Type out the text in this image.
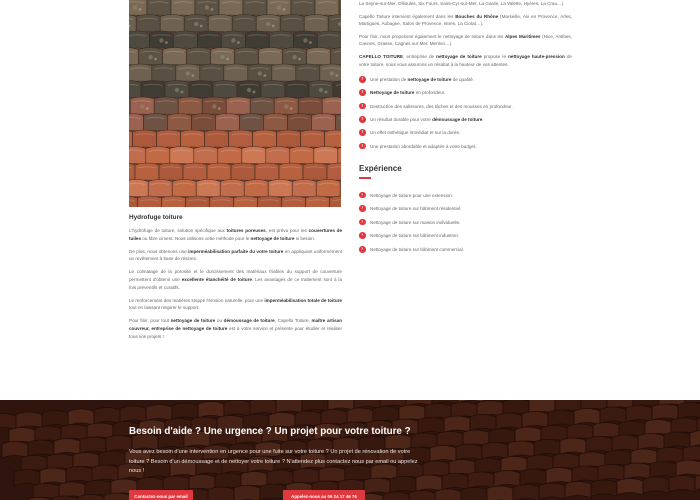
Hydrofuge toiture

L'hydrofuge de toiture, solution spécifique aux toitures poreuses, est prévu pour les couvertures de tuiles ou fibre ciment. Nous utilisons cette méthode pour le nettoyage de toiture si besoin.

De plus, nous obtenons une imperméabilisation parfaite du votre toiture en appliquant uniformément un revêtement à base de résines.

Le colmatage de la porosité et le durcissement des matériaux friables du support de couverture permettent d'obtenir une excellente étanchéité de toiture. Les avantages de ce traitement sont à la fois préventifs et curatifs.

Le renforcement des matières stoppe l'érosion naturelle, pour une imperméabilisation totale de toiture tout en laissant respirer le support.

Pour finir, pour tout nettoyage de toiture ou démoussage de toiture, Capello Toiture, maître artisan couvreur, entreprise de nettoyage de toiture est à votre service et présente pour étudier et réaliser tous vos projets !

La Seyne-sur-Mer, Ollioules, Six Fours, Saint-Cyr-sur-Mer, La Garde, La Valette, Hyères, La Crau…).

Capello Toiture intervient également dans les Bouches du Rhône (Marseille, Aix en Provence, Arles, Martigues, Aubagne, Salon de Provence, Istres, La Ciotat…).

Pour finir, nous proposons également le nettoyage de toiture dans les Alpes Maritimes (Nice, Antibes, Cannes, Grasse, Cagnes sur Mer, Menton…).

CAPELLO TOITURE, entreprise de nettoyage de toiture propose le nettoyage haute-pression de votre toiture, nous vous assurons un résultat à la hauteur de vos attentes.

!	Une prestation de nettoyage de toiture de qualité.
!	Nettoyage de toiture en profondeur.
!	Destruction des salissures, des tâches et des mousses en profondeur.
!	Un résultat durable pour votre démoussage de toiture.
!	Un effet esthétique immédiat et sur la durée.
!	Une prestation abordable et adaptée à votre budget.
Expérience
›	Nettoyage de toiture pour une extension.
›	Nettoyage de toiture sur bâtiment résidentiel.
›	Nettoyage de toiture sur maison individuelle.
›	Nettoyage de toiture sur bâtiment industriel.
›	Nettoyage de toiture sur bâtiment commercial.
Besoin d'aide ? Une urgence ? Un projet pour votre toiture ?

Vous avez besoin d'une intervention en urgence pour une fuite sur votre toiture ? Un projet de rénovation de votre toiture ? Besoin d'un démoussage et de nettoyer votre toiture ? N'attendez plus contactez nous par email ou appelez nous !

Contactez-nous par email	Appelez-nous au 06 24 17 46 76
